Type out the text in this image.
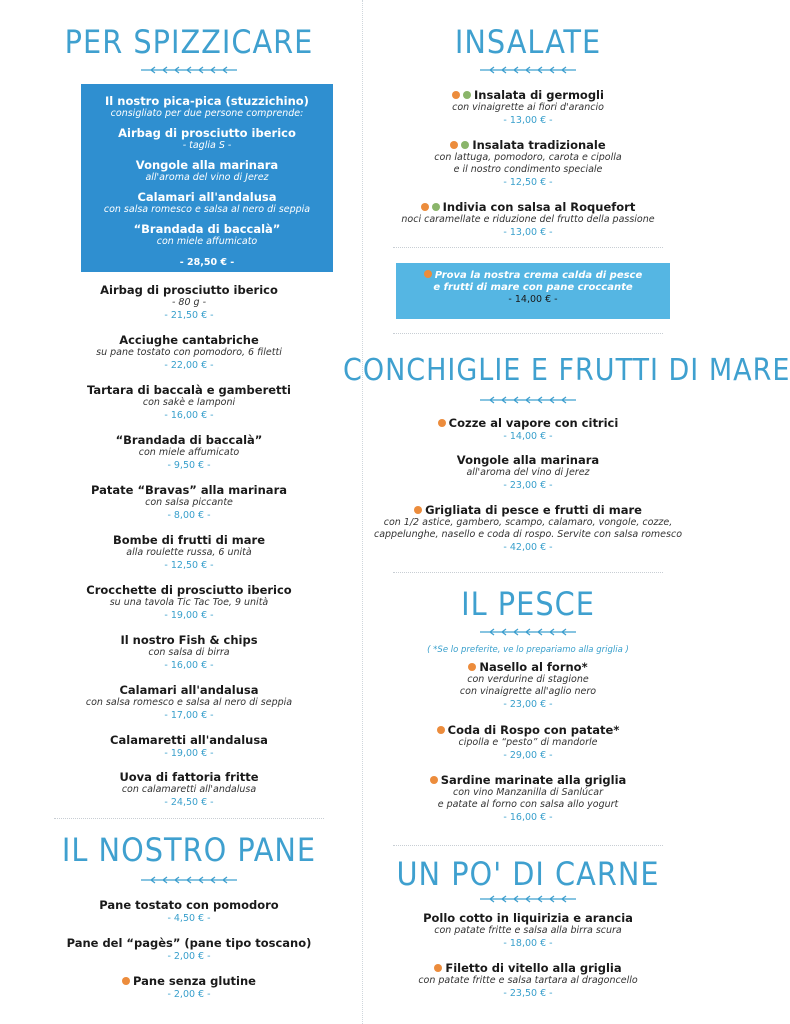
PER SPIZZICARE
Il nostro pica-pica (stuzzichino)
consigliato per due persone comprende:
Airbag di prosciutto iberico
- taglia S -
Vongole alla marinara
all'aroma del vino di Jerez
Calamari all'andalusa
con salsa romesco e salsa al nero di seppia
“Brandada di baccalà”
con miele affumicato
- 28,50 € -
Airbag di prosciutto iberico
- 80 g -
- 21,50 € -
Acciughe cantabriche
su pane tostato con pomodoro, 6 filetti
- 22,00 € -
Tartara di baccalà e gamberetti
con sakè e lamponi
- 16,00 € -
“Brandada di baccalà”
con miele affumicato
- 9,50 € -
Patate “Bravas” alla marinara
con salsa piccante
- 8,00 € -
Bombe di frutti di mare
alla roulette russa, 6 unità
- 12,50 € -
Crocchette di prosciutto iberico
su una tavola Tic Tac Toe, 9 unità
- 19,00 € -
Il nostro Fish & chips
con salsa di birra
- 16,00 € -
Calamari all'andalusa
con salsa romesco e salsa al nero di seppia
- 17,00 € -
Calamaretti all'andalusa
- 19,00 € -
Uova di fattoria fritte
con calamaretti all'andalusa
- 24,50 € -
IL NOSTRO PANE
Pane tostato con pomodoro
- 4,50 € -
Pane del “pagès” (pane tipo toscano)
- 2,00 € -
Pane senza glutine
- 2,00 € -
INSALATE
Insalata di germogli
con vinaigrette ai fiori d'arancio
- 13,00 € -
Insalata tradizionale
con lattuga, pomodoro, carota e cipolla
e il nostro condimento speciale
- 12,50 € -
Indivia con salsa al Roquefort
noci caramellate e riduzione del frutto della passione
- 13,00 € -
Prova la nostra crema calda di pesce
e frutti di mare con pane croccante
- 14,00 € -
CONCHIGLIE E FRUTTI DI MARE
Cozze al vapore con citrici
- 14,00 € -
Vongole alla marinara
all'aroma del vino di Jerez
- 23,00 € -
Grigliata di pesce e frutti di mare
con 1/2 astice, gambero, scampo, calamaro, vongole, cozze,
cappelunghe, nasello e coda di rospo. Servite con salsa romesco
- 42,00 € -
IL PESCE
( *Se lo preferite, ve lo prepariamo alla griglia )
Nasello al forno*
con verdurine di stagione
con vinaigrette all'aglio nero
- 23,00 € -
Coda di Rospo con patate*
cipolla e “pesto” di mandorle
- 29,00 € -
Sardine marinate alla griglia
con vino Manzanilla di Sanlúcar
e patate al forno con salsa allo yogurt
- 16,00 € -
UN PO' DI CARNE
Pollo cotto in liquirizia e arancia
con patate fritte e salsa alla birra scura
- 18,00 € -
Filetto di vitello alla griglia
con patate fritte e salsa tartara al dragoncello
- 23,50 € -
